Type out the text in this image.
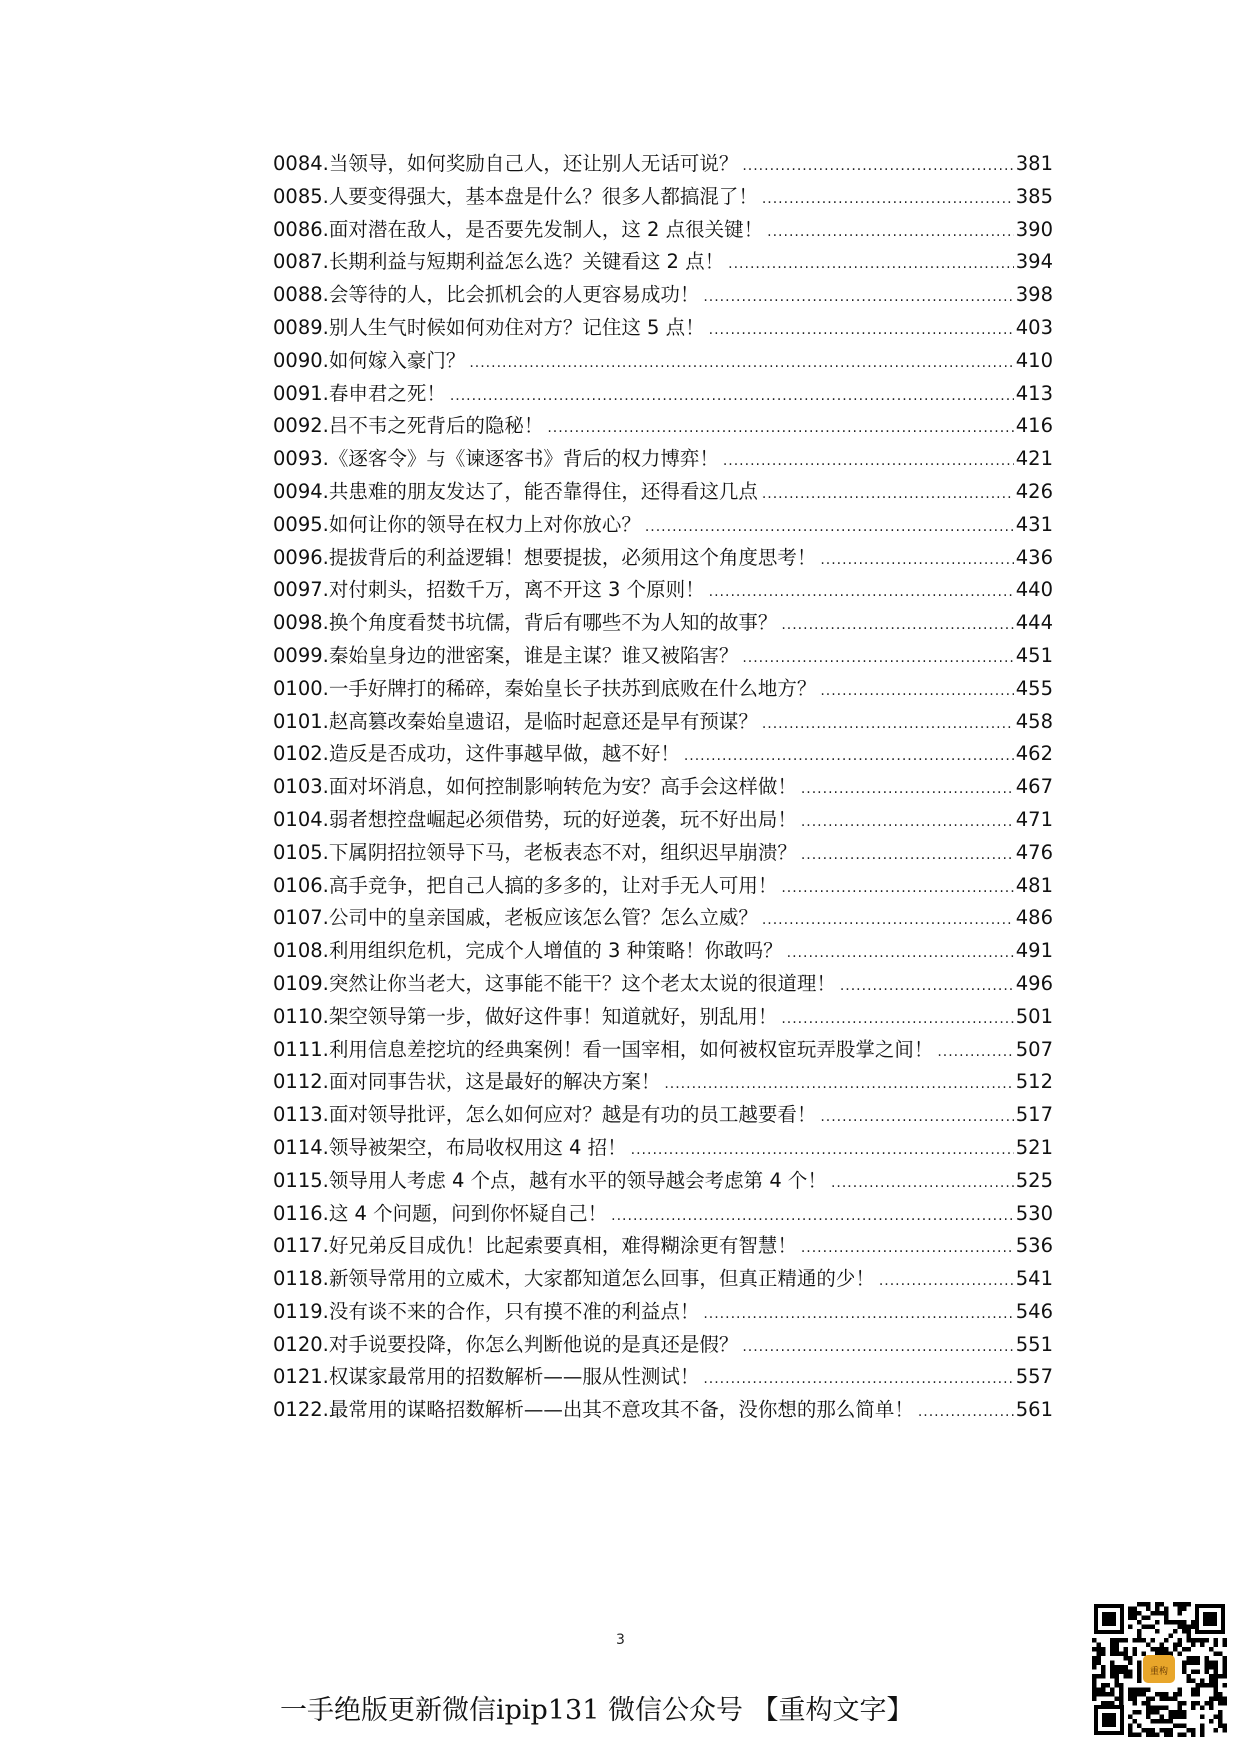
0084.当领导，如何奖励自己人，还让别人无话可说？ .....	381
0085.人要变得强大，基本盘是什么？很多人都搞混了！ .....	385
0086.面对潜在敌人，是否要先发制人，这 2 点很关键！ .....	390
0087.长期利益与短期利益怎么选？关键看这 2 点！ .....	394
0088.会等待的人，比会抓机会的人更容易成功！ .....	398
0089.别人生气时候如何劝住对方？记住这 5 点！ .....	403
0090.如何嫁入豪门？ .....	410
0091.春申君之死！ .....	413
0092.吕不韦之死背后的隐秘！ .....	416
0093.《逐客令》与《谏逐客书》背后的权力博弈！ .....	421
0094.共患难的朋友发达了，能否靠得住，还得看这几点 .....	426
0095.如何让你的领导在权力上对你放心？ .....	431
0096.提拔背后的利益逻辑！想要提拔，必须用这个角度思考！ .....	436
0097.对付刺头，招数千万，离不开这 3 个原则！ .....	440
0098.换个角度看焚书坑儒，背后有哪些不为人知的故事？ .....	444
0099.秦始皇身边的泄密案，谁是主谋？谁又被陷害？ .....	451
0100.一手好牌打的稀碎，秦始皇长子扶苏到底败在什么地方？ .....	455
0101.赵高篡改秦始皇遗诏，是临时起意还是早有预谋？ .....	458
0102.造反是否成功，这件事越早做，越不好！ .....	462
0103.面对坏消息，如何控制影响转危为安？高手会这样做！ .....	467
0104.弱者想控盘崛起必须借势，玩的好逆袭，玩不好出局！ .....	471
0105.下属阴招拉领导下马，老板表态不对，组织迟早崩溃？ .....	476
0106.高手竞争，把自己人搞的多多的，让对手无人可用！ .....	481
0107.公司中的皇亲国戚，老板应该怎么管？怎么立威？ .....	486
0108.利用组织危机，完成个人增值的 3 种策略！你敢吗？ .....	491
0109.突然让你当老大，这事能不能干？这个老太太说的很道理！ .....	496
0110.架空领导第一步，做好这件事！知道就好，别乱用！ .....	501
0111.利用信息差挖坑的经典案例！看一国宰相，如何被权宦玩弄股掌之间！ .....	507
0112.面对同事告状，这是最好的解决方案！ .....	512
0113.面对领导批评，怎么如何应对？越是有功的员工越要看！ .....	517
0114.领导被架空，布局收权用这 4 招！ .....	521
0115.领导用人考虑 4 个点，越有水平的领导越会考虑第 4 个！ .....	525
0116.这 4 个问题，问到你怀疑自己！ .....	530
0117.好兄弟反目成仇！比起索要真相，难得糊涂更有智慧！ .....	536
0118.新领导常用的立威术，大家都知道怎么回事，但真正精通的少！ .....	541
0119.没有谈不来的合作，只有摸不准的利益点！ .....	546
0120.对手说要投降，你怎么判断他说的是真还是假？ .....	551
0121.权谋家最常用的招数解析——服从性测试！ .....	557
0122.最常用的谋略招数解析——出其不意攻其不备，没你想的那么简单！ .....	561
3
一手绝版更新微信ipip131 微信公众号 【重构文字】
重构
